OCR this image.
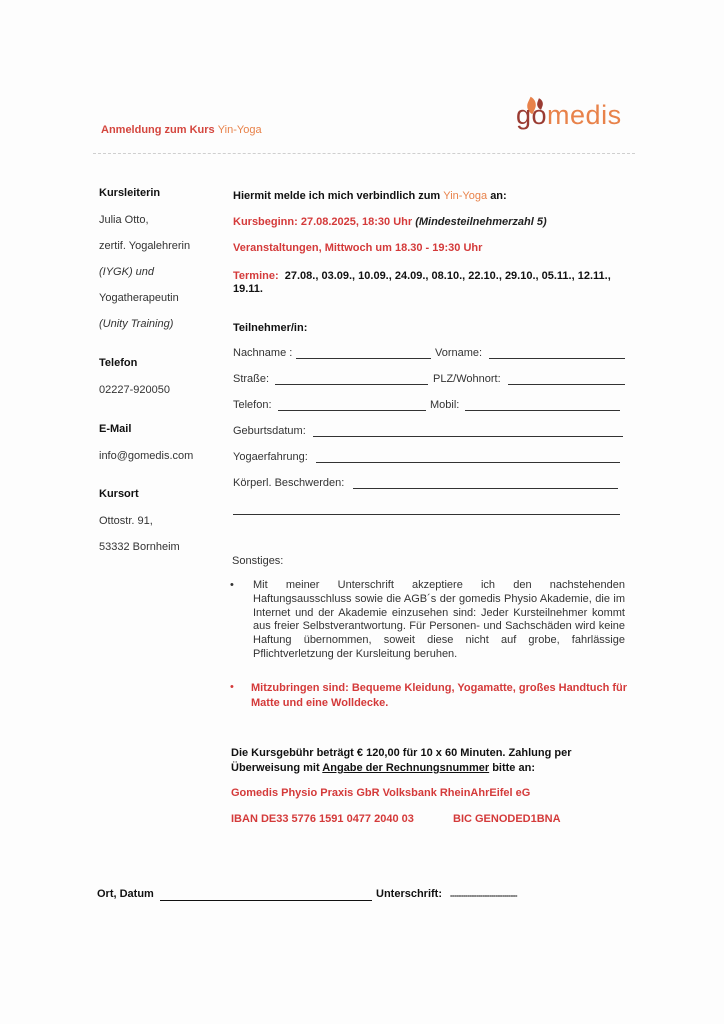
Anmeldung zum Kurs Yin-Yoga	gomedis
Kursleiterin
Julia Otto,
zertif. Yogalehrerin
(IYGK) und
Yogatherapeutin
(Unity Training)
Telefon
02227-920050
E-Mail
info@gomedis.com
Kursort
Ottostr. 91,
53332 Bornheim
Hiermit melde ich mich verbindlich zum Yin-Yoga an:
Kursbeginn: 27.08.2025, 18:30 Uhr (Mindesteilnehmerzahl 5)
Veranstaltungen, Mittwoch um 18.30 - 19:30 Uhr
Termine: 27.08., 03.09., 10.09., 24.09., 08.10., 22.10., 29.10., 05.11., 12.11., 19.11.
Teilnehmer/in:
Nachname :	Vorname:
Straße:	PLZ/Wohnort:
Telefon:	Mobil:
Geburtsdatum:
Yogaerfahrung:
Körperl. Beschwerden:
Sonstiges:
• Mit meiner Unterschrift akzeptiere ich den nachstehenden Haftungsausschluss sowie die AGB´s der gomedis Physio Akademie, die im Internet und der Akademie einzusehen sind: Jeder Kursteilnehmer kommt aus freier Selbstverantwortung. Für Personen- und Sachschäden wird keine Haftung übernommen, soweit diese nicht auf grobe, fahrlässige Pflichtverletzung der Kursleitung beruhen.
• Mitzubringen sind: Bequeme Kleidung, Yogamatte, großes Handtuch für Matte und eine Wolldecke.
Die Kursgebühr beträgt € 120,00 für 10 x 60 Minuten. Zahlung per Überweisung mit Angabe der Rechnungsnummer bitte an:
Gomedis Physio Praxis GbR Volksbank RheinAhrEifel eG
IBAN DE33 5776 1591 0477 2040 03	BIC GENODED1BNA
Ort, Datum	Unterschrift: -------------------------------
